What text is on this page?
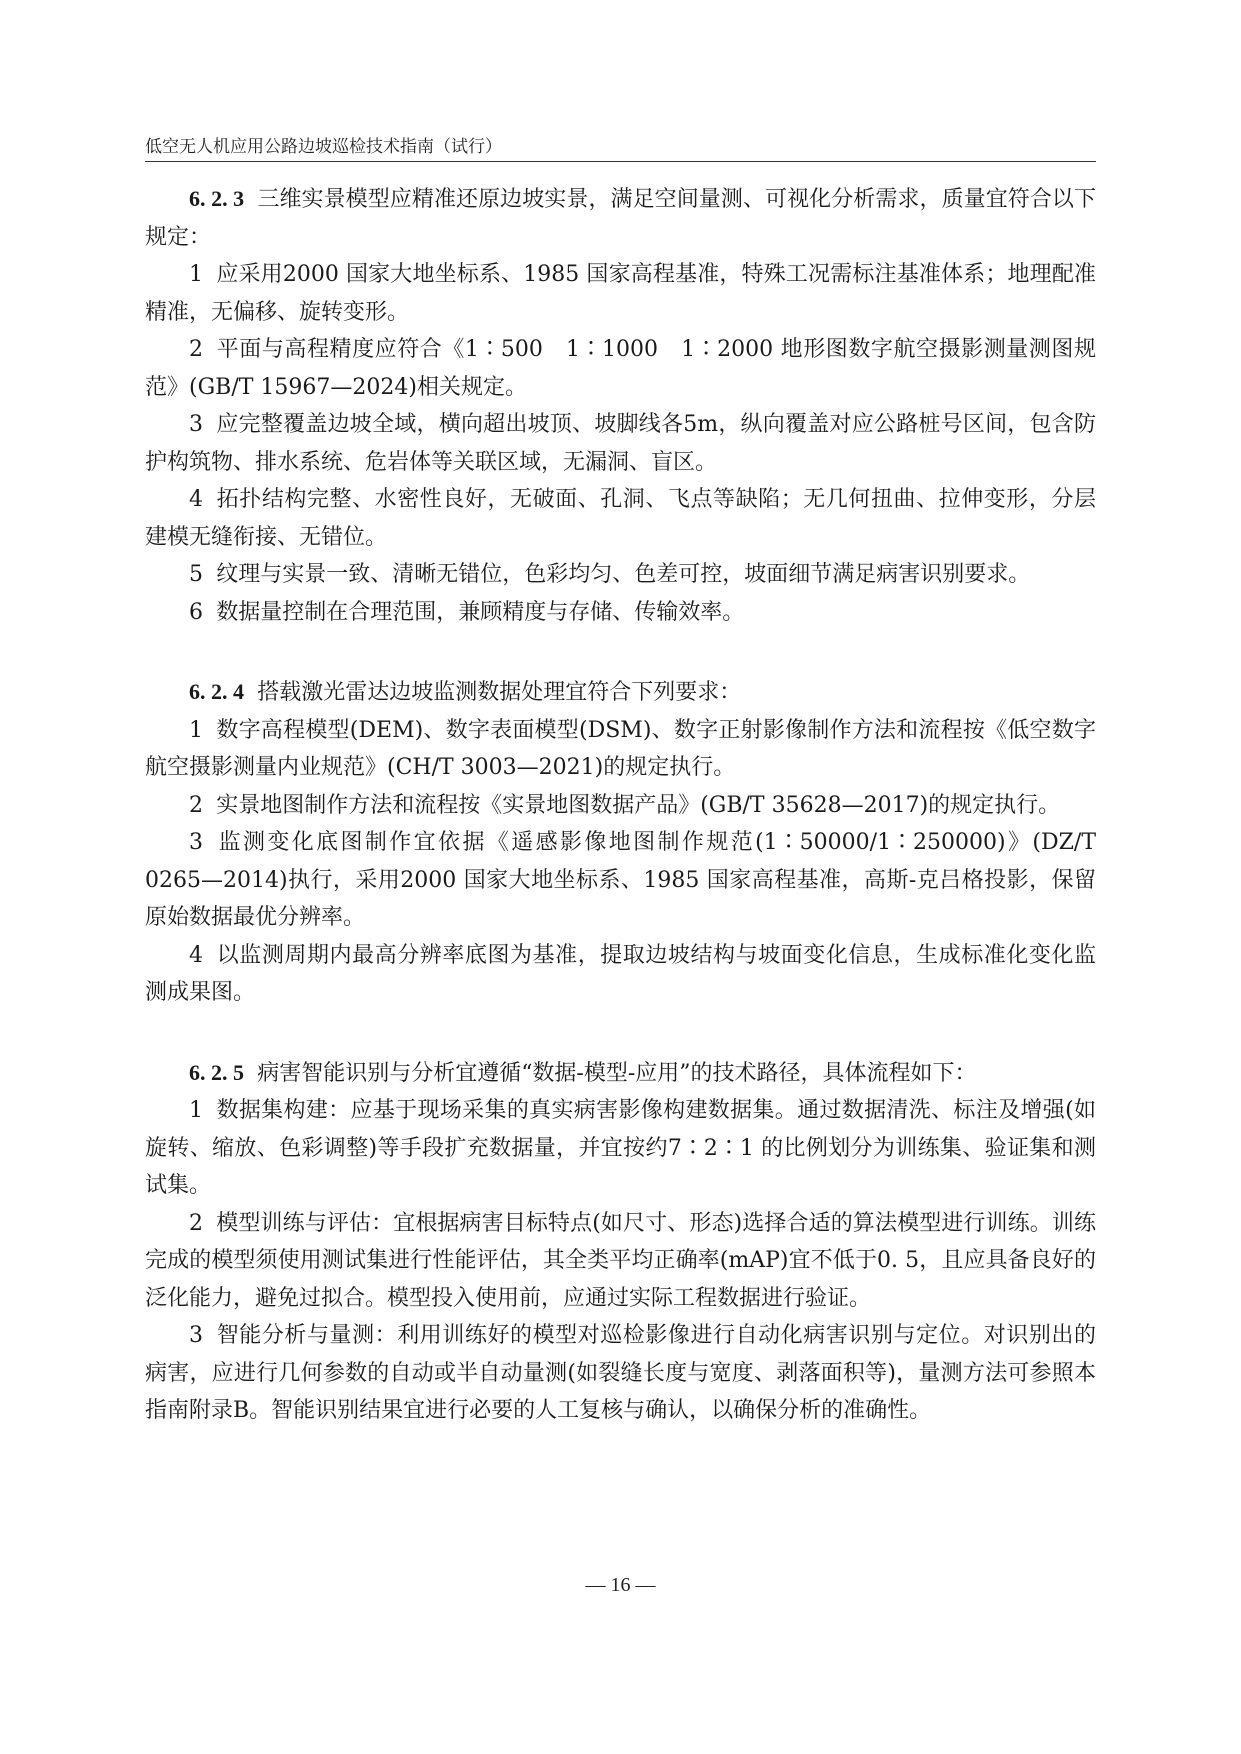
低空无人机应用公路边坡巡检技术指南（试行）

6. 2. 3 三维实景模型应精准还原边坡实景，满足空间量测、可视化分析需求，质量宜符合以下规定：

1 应采用2000 国家大地坐标系、1985 国家高程基准，特殊工况需标注基准体系；地理配准精准，无偏移、旋转变形。

2 平面与高程精度应符合《1∶500　1∶1000　1∶2000 地形图数字航空摄影测量测图规范》(GB/T 15967—2024)相关规定。

3 应完整覆盖边坡全域，横向超出坡顶、坡脚线各5m，纵向覆盖对应公路桩号区间，包含防护构筑物、排水系统、危岩体等关联区域，无漏洞、盲区。

4 拓扑结构完整、水密性良好，无破面、孔洞、飞点等缺陷；无几何扭曲、拉伸变形，分层建模无缝衔接、无错位。

5 纹理与实景一致、清晰无错位，色彩均匀、色差可控，坡面细节满足病害识别要求。

6 数据量控制在合理范围，兼顾精度与存储、传输效率。

6. 2. 4 搭载激光雷达边坡监测数据处理宜符合下列要求：

1 数字高程模型(DEM)、数字表面模型(DSM)、数字正射影像制作方法和流程按《低空数字航空摄影测量内业规范》(CH/T 3003—2021)的规定执行。

2 实景地图制作方法和流程按《实景地图数据产品》(GB/T 35628—2017)的规定执行。

3 监测变化底图制作宜依据《遥感影像地图制作规范(1∶50000/1∶250000)》(DZ/T 0265—2014)执行，采用2000 国家大地坐标系、1985 国家高程基准，高斯-克吕格投影，保留原始数据最优分辨率。

4 以监测周期内最高分辨率底图为基准，提取边坡结构与坡面变化信息，生成标准化变化监测成果图。

6. 2. 5 病害智能识别与分析宜遵循“数据-模型-应用”的技术路径，具体流程如下：

1 数据集构建：应基于现场采集的真实病害影像构建数据集。通过数据清洗、标注及增强(如旋转、缩放、色彩调整)等手段扩充数据量，并宜按约7∶2∶1 的比例划分为训练集、验证集和测试集。

2 模型训练与评估：宜根据病害目标特点(如尺寸、形态)选择合适的算法模型进行训练。训练完成的模型须使用测试集进行性能评估，其全类平均正确率(mAP)宜不低于0. 5，且应具备良好的泛化能力，避免过拟合。模型投入使用前，应通过实际工程数据进行验证。

3 智能分析与量测：利用训练好的模型对巡检影像进行自动化病害识别与定位。对识别出的病害，应进行几何参数的自动或半自动量测(如裂缝长度与宽度、剥落面积等)，量测方法可参照本指南附录B。智能识别结果宜进行必要的人工复核与确认，以确保分析的准确性。

— 16 —
